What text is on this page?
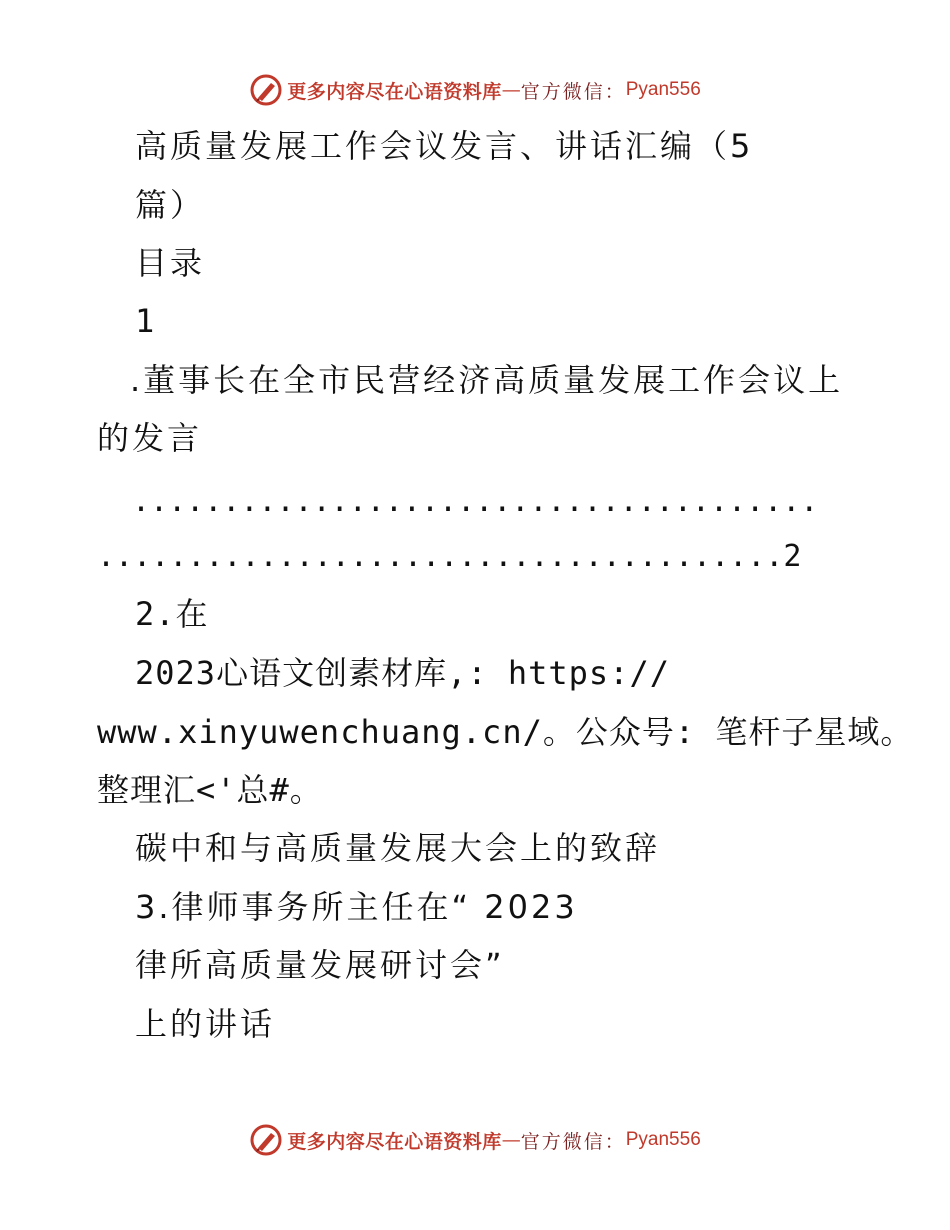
更多内容尽在心语资料库 — 官方微信： Pyan556
高质量发展工作会议发言、讲话汇编（5
篇）
目录
1
.董事长在全市民营经济高质量发展工作会议上
的发言
......................................
......................................2
2.在
2023心语文创素材库,: https://
www.xinyuwenchuang.cn/。公众号: 笔杆子星域。
整理汇<'总#。
碳中和与高质量发展大会上的致辞
3.律师事务所主任在“ 2023
律所高质量发展研讨会”
上的讲话
更多内容尽在心语资料库 — 官方微信： Pyan556
